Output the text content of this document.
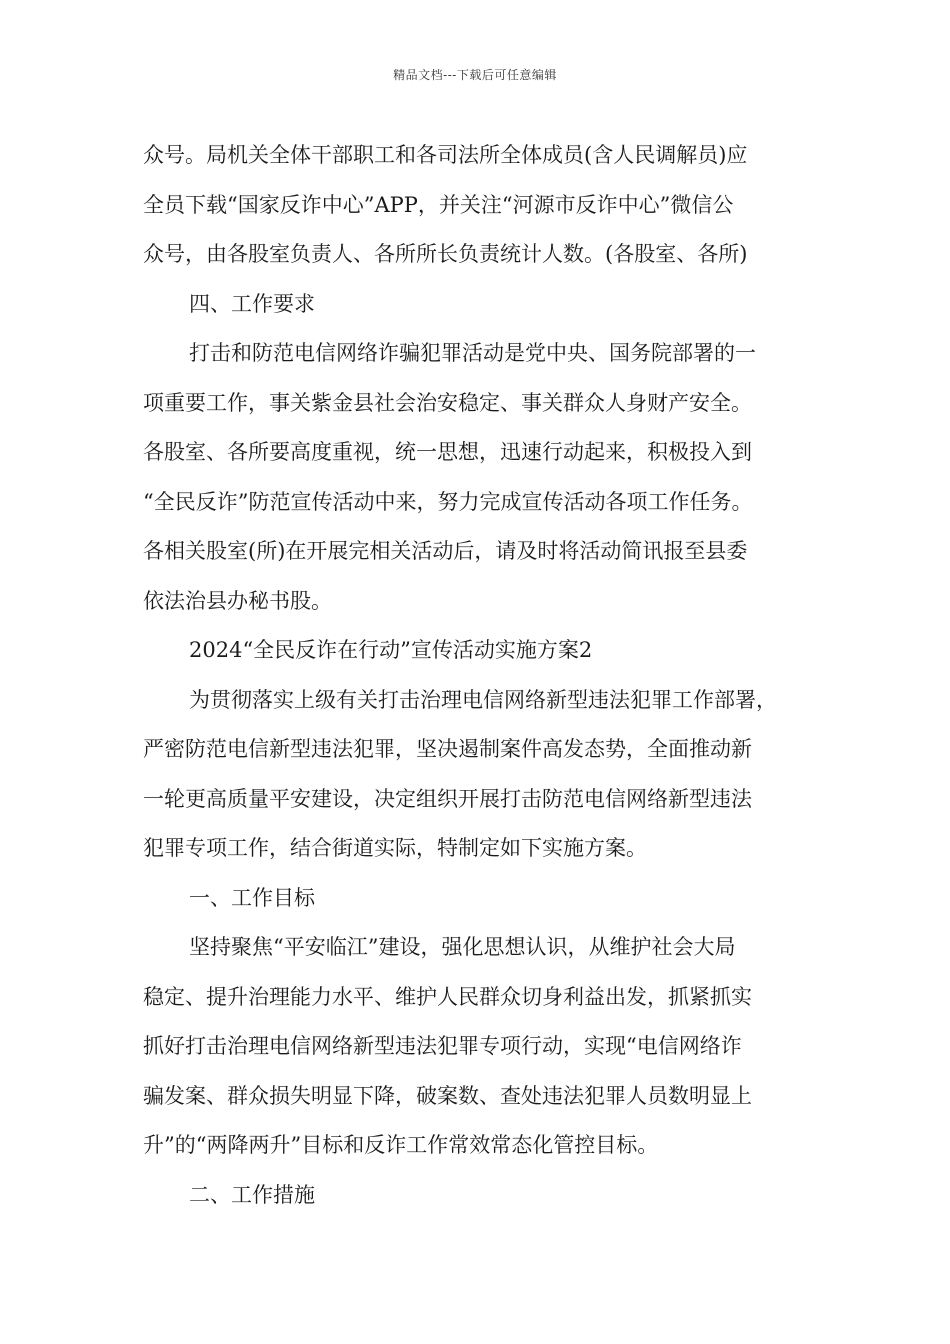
精品文档---下载后可任意编辑
众号。局机关全体干部职工和各司法所全体成员(含人民调解员)应
全员下载“国家反诈中心”APP，并关注“河源市反诈中心”微信公
众号，由各股室负责人、各所所长负责统计人数。(各股室、各所)
四、工作要求
打击和防范电信网络诈骗犯罪活动是党中央、国务院部署的一
项重要工作，事关紫金县社会治安稳定、事关群众人身财产安全。
各股室、各所要高度重视，统一思想，迅速行动起来，积极投入到
“全民反诈”防范宣传活动中来，努力完成宣传活动各项工作任务。
各相关股室(所)在开展完相关活动后，请及时将活动简讯报至县委
依法治县办秘书股。
2024“全民反诈在行动”宣传活动实施方案2
为贯彻落实上级有关打击治理电信网络新型违法犯罪工作部署，
严密防范电信新型违法犯罪，坚决遏制案件高发态势，全面推动新
一轮更高质量平安建设，决定组织开展打击防范电信网络新型违法
犯罪专项工作，结合街道实际，特制定如下实施方案。
一、工作目标
坚持聚焦“平安临江”建设，强化思想认识，从维护社会大局
稳定、提升治理能力水平、维护人民群众切身利益出发，抓紧抓实
抓好打击治理电信网络新型违法犯罪专项行动，实现“电信网络诈
骗发案、群众损失明显下降，破案数、查处违法犯罪人员数明显上
升”的“两降两升”目标和反诈工作常效常态化管控目标。
二、工作措施
